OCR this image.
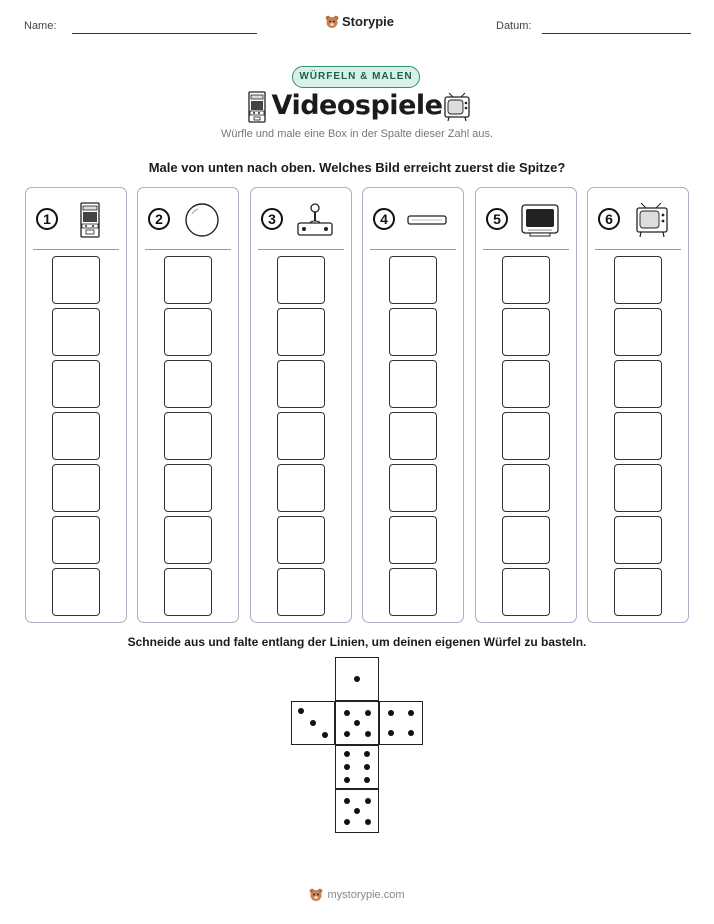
Name:	Storypie	Datum:
WÜRFELN & MALEN
Videospiele
Würfle und male eine Box in der Spalte dieser Zahl aus.
Male von unten nach oben. Welches Bild erreicht zuerst die Spitze?
1	2	3	4	5	6
Schneide aus und falte entlang der Linien, um deinen eigenen Würfel zu basteln.
mystorypie.com
